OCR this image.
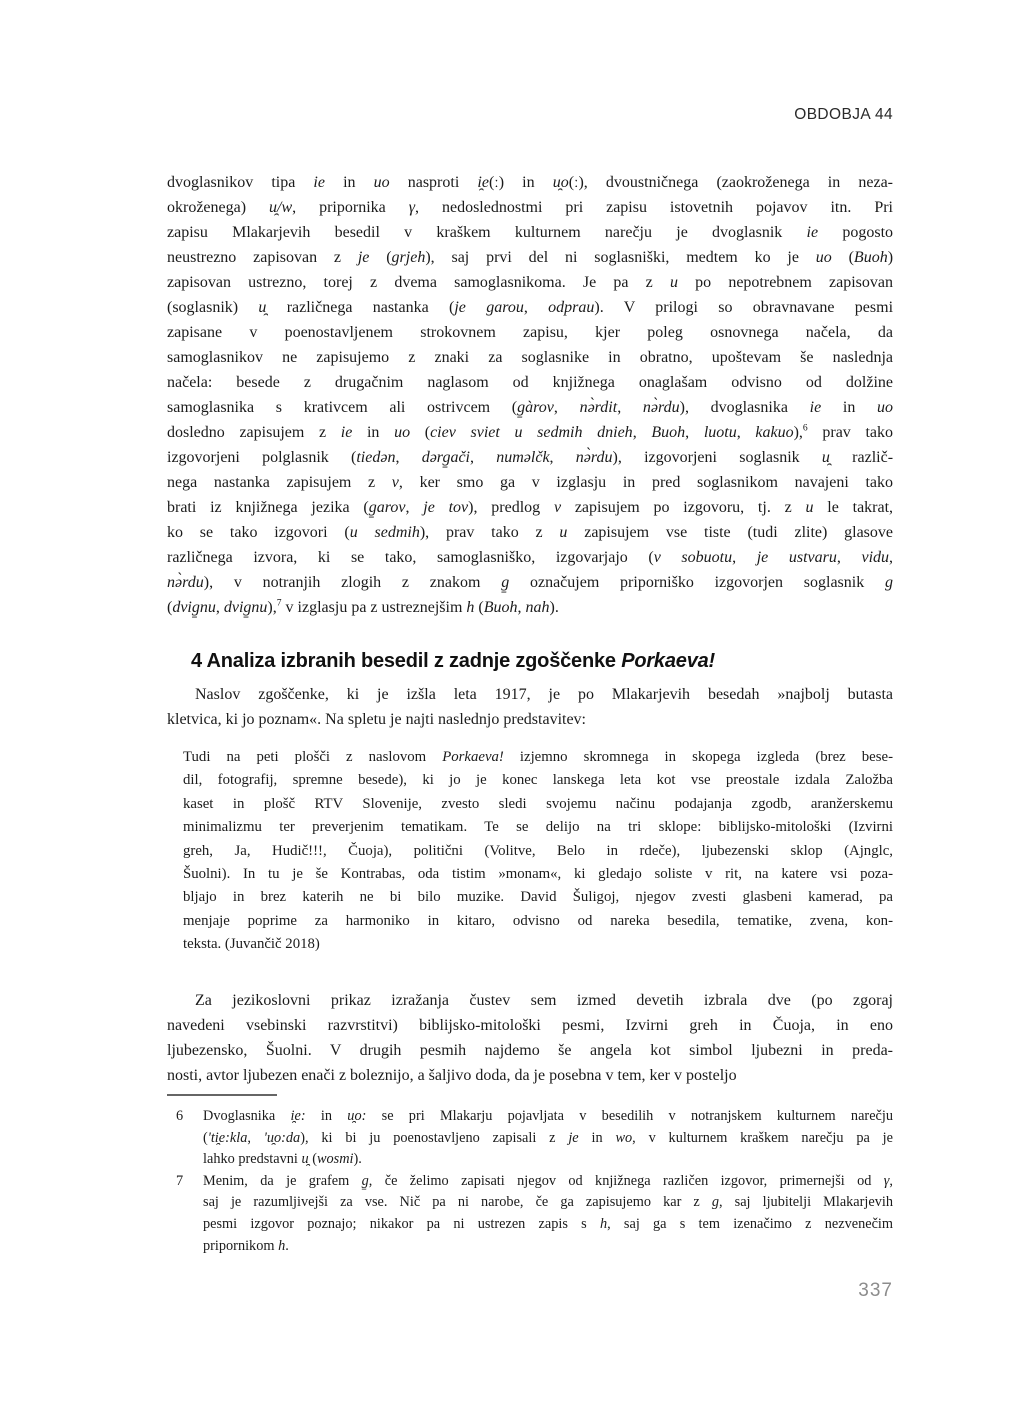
OBDOBJA 44
dvoglasnikov tipa ie in uo nasproti i̯e(ː) in u̯o(ː), dvoustničnega (zaokroženega in neza-
okroženega) u̯/w, pripornika γ, nedoslednostmi pri zapisu istovetnih pojavov itn. Pri
zapisu Mlakarjevih besedil v kraškem kulturnem narečju je dvoglasnik ie pogosto
neustrezno zapisovan z je (grjeh), saj prvi del ni soglasniški, medtem ko je uo (Buoh)
zapisovan ustrezno, torej z dvema samoglasnikoma. Je pa z u po nepotrebnem zapisovan
(soglasnik) u̯ različnega nastanka (je garou, odprau). V prilogi so obravnavane pesmi
zapisane v poenostavljenem strokovnem zapisu, kjer poleg osnovnega načela, da
samoglasnikov ne zapisujemo z znaki za soglasnike in obratno, upoštevam še naslednja
načela: besede z drugačnim naglasom od knjižnega onaglašam odvisno od dolžine
samoglasnika s krativcem ali ostrivcem (g̱àrov, nə̀rdit, nə̀rdu), dvoglasnika ie in uo
dosledno zapisujem z ie in uo (ciev sviet u sedmih dnieh, Buoh, luotu, kakuo),$^6$ prav tako
izgovorjeni polglasnik (tiedən, dərg̱ači, numəlčk, nə̀rdu), izgovorjeni soglasnik u̯ različ-
nega nastanka zapisujem z v, ker smo ga v izglasju in pred soglasnikom navajeni tako
brati iz knjižnega jezika (g̱arov, je tov), predlog v zapisujem po izgovoru, tj. z u le takrat,
ko se tako izgovori (u sedmih), prav tako z u zapisujem vse tiste (tudi zlite) glasove
različnega izvora, ki se tako, samoglasniško, izgovarjajo (v sobuotu, je ustvaru, vidu,
nə̀rdu), v notranjih zlogih z znakom g̱ označujem priporniško izgovorjen soglasnik g
(dvig̱nu, dvig̱nu),$^7$ v izglasju pa z ustreznejšim h (Buoh, nah).
4 Analiza izbranih besedil z zadnje zgoščenke Porkaeva!
Naslov zgoščenke, ki je izšla leta 1917, je po Mlakarjevih besedah »najbolj butasta
kletvica, ki jo poznam«. Na spletu je najti naslednjo predstavitev:
Tudi na peti plošči z naslovom Porkaeva! izjemno skromnega in skopega izgleda (brez bese-
dil, fotografij, spremne besede), ki jo je konec lanskega leta kot vse preostale izdala Založba
kaset in plošč RTV Slovenije, zvesto sledi svojemu načinu podajanja zgodb, aranžerskemu
minimalizmu ter preverjenim tematikam. Te se delijo na tri sklope: biblijsko-mitološki (Izvirni
greh, Ja, Hudič!!!, Čuoja), politični (Volitve, Belo in rdeče), ljubezenski sklop (Ajnglc,
Šuolni). In tu je še Kontrabas, oda tistim »monam«, ki gledajo soliste v rit, na katere vsi poza-
bljajo in brez katerih ne bi bilo muzike. David Šuligoj, njegov zvesti glasbeni kamerad, pa
menjaje poprime za harmoniko in kitaro, odvisno od nareka besedila, tematike, zvena, kon-
teksta. (Juvančič 2018)
Za jezikoslovni prikaz izražanja čustev sem izmed devetih izbrala dve (po zgoraj
navedeni vsebinski razvrstitvi) biblijsko-mitološki pesmi, Izvirni greh in Čuoja, in eno
ljubezensko, Šuolni. V drugih pesmih najdemo še angela kot simbol ljubezni in preda-
nosti, avtor ljubezen enači z boleznijo, a šaljivo doda, da je posebna v tem, ker v posteljo
6	Dvoglasnika i̯e: in u̯o: se pri Mlakarju pojavljata v besedilih v notranjskem kulturnem narečju
('ti̯e:kla, 'u̯o:da), ki bi ju poenostavljeno zapisali z je in wo, v kulturnem kraškem narečju pa je
lahko predstavni u̯ (wosmi).
7	Menim, da je grafem g̱, če želimo zapisati njegov od knjižnega različen izgovor, primernejši od γ,
saj je razumljivejši za vse. Nič pa ni narobe, če ga zapisujemo kar z g, saj ljubitelji Mlakarjevih
pesmi izgovor poznajo; nikakor pa ni ustrezen zapis s h, saj ga s tem izenačimo z nezvenečim
pripornikom h.
337
